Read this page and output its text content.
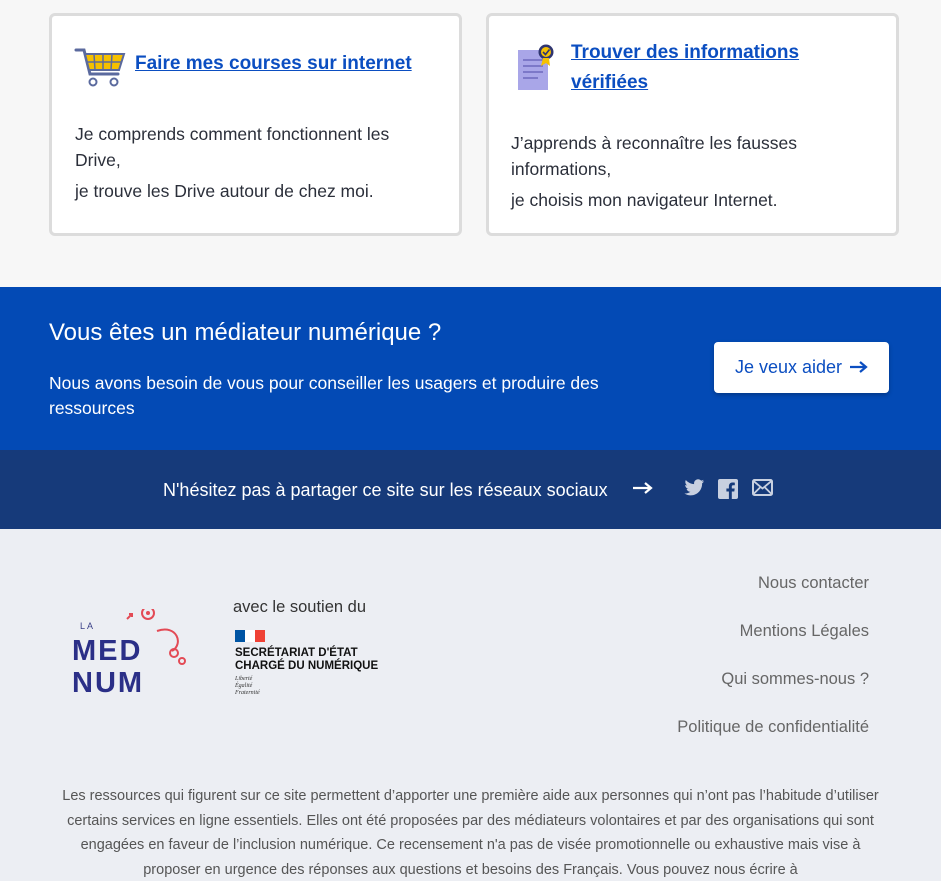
Faire mes courses sur internet
Je comprends comment fonctionnent les Drive,
je trouve les Drive autour de chez moi.
Trouver des informations
vérifiées
J’apprends à reconnaître les fausses informations,
je choisis mon navigateur Internet.
Vous êtes un médiateur numérique ?

Nous avons besoin de vous pour conseiller les usagers et produire des ressources

Je veux aider
N'hésitez pas à partager ce site sur les réseaux sociaux
LA
MED
NUM
avec le soutien du
SECRÉTARIAT D'ÉTAT
CHARGÉ DU NUMÉRIQUE
Liberté
Égalité
Fraternité
Nous contacter
Mentions Légales
Qui sommes-nous ?
Politique de confidentialité

Les ressources qui figurent sur ce site permettent d’apporter une première aide aux personnes qui n’ont pas l’habitude d’utiliser certains services en ligne essentiels. Elles ont été proposées par des médiateurs volontaires et par des organisations qui sont engagées en faveur de l’inclusion numérique. Ce recensement n'a pas de visée promotionnelle ou exhaustive mais vise à proposer en urgence des réponses aux questions et besoins des Français. Vous pouvez nous écrire à
